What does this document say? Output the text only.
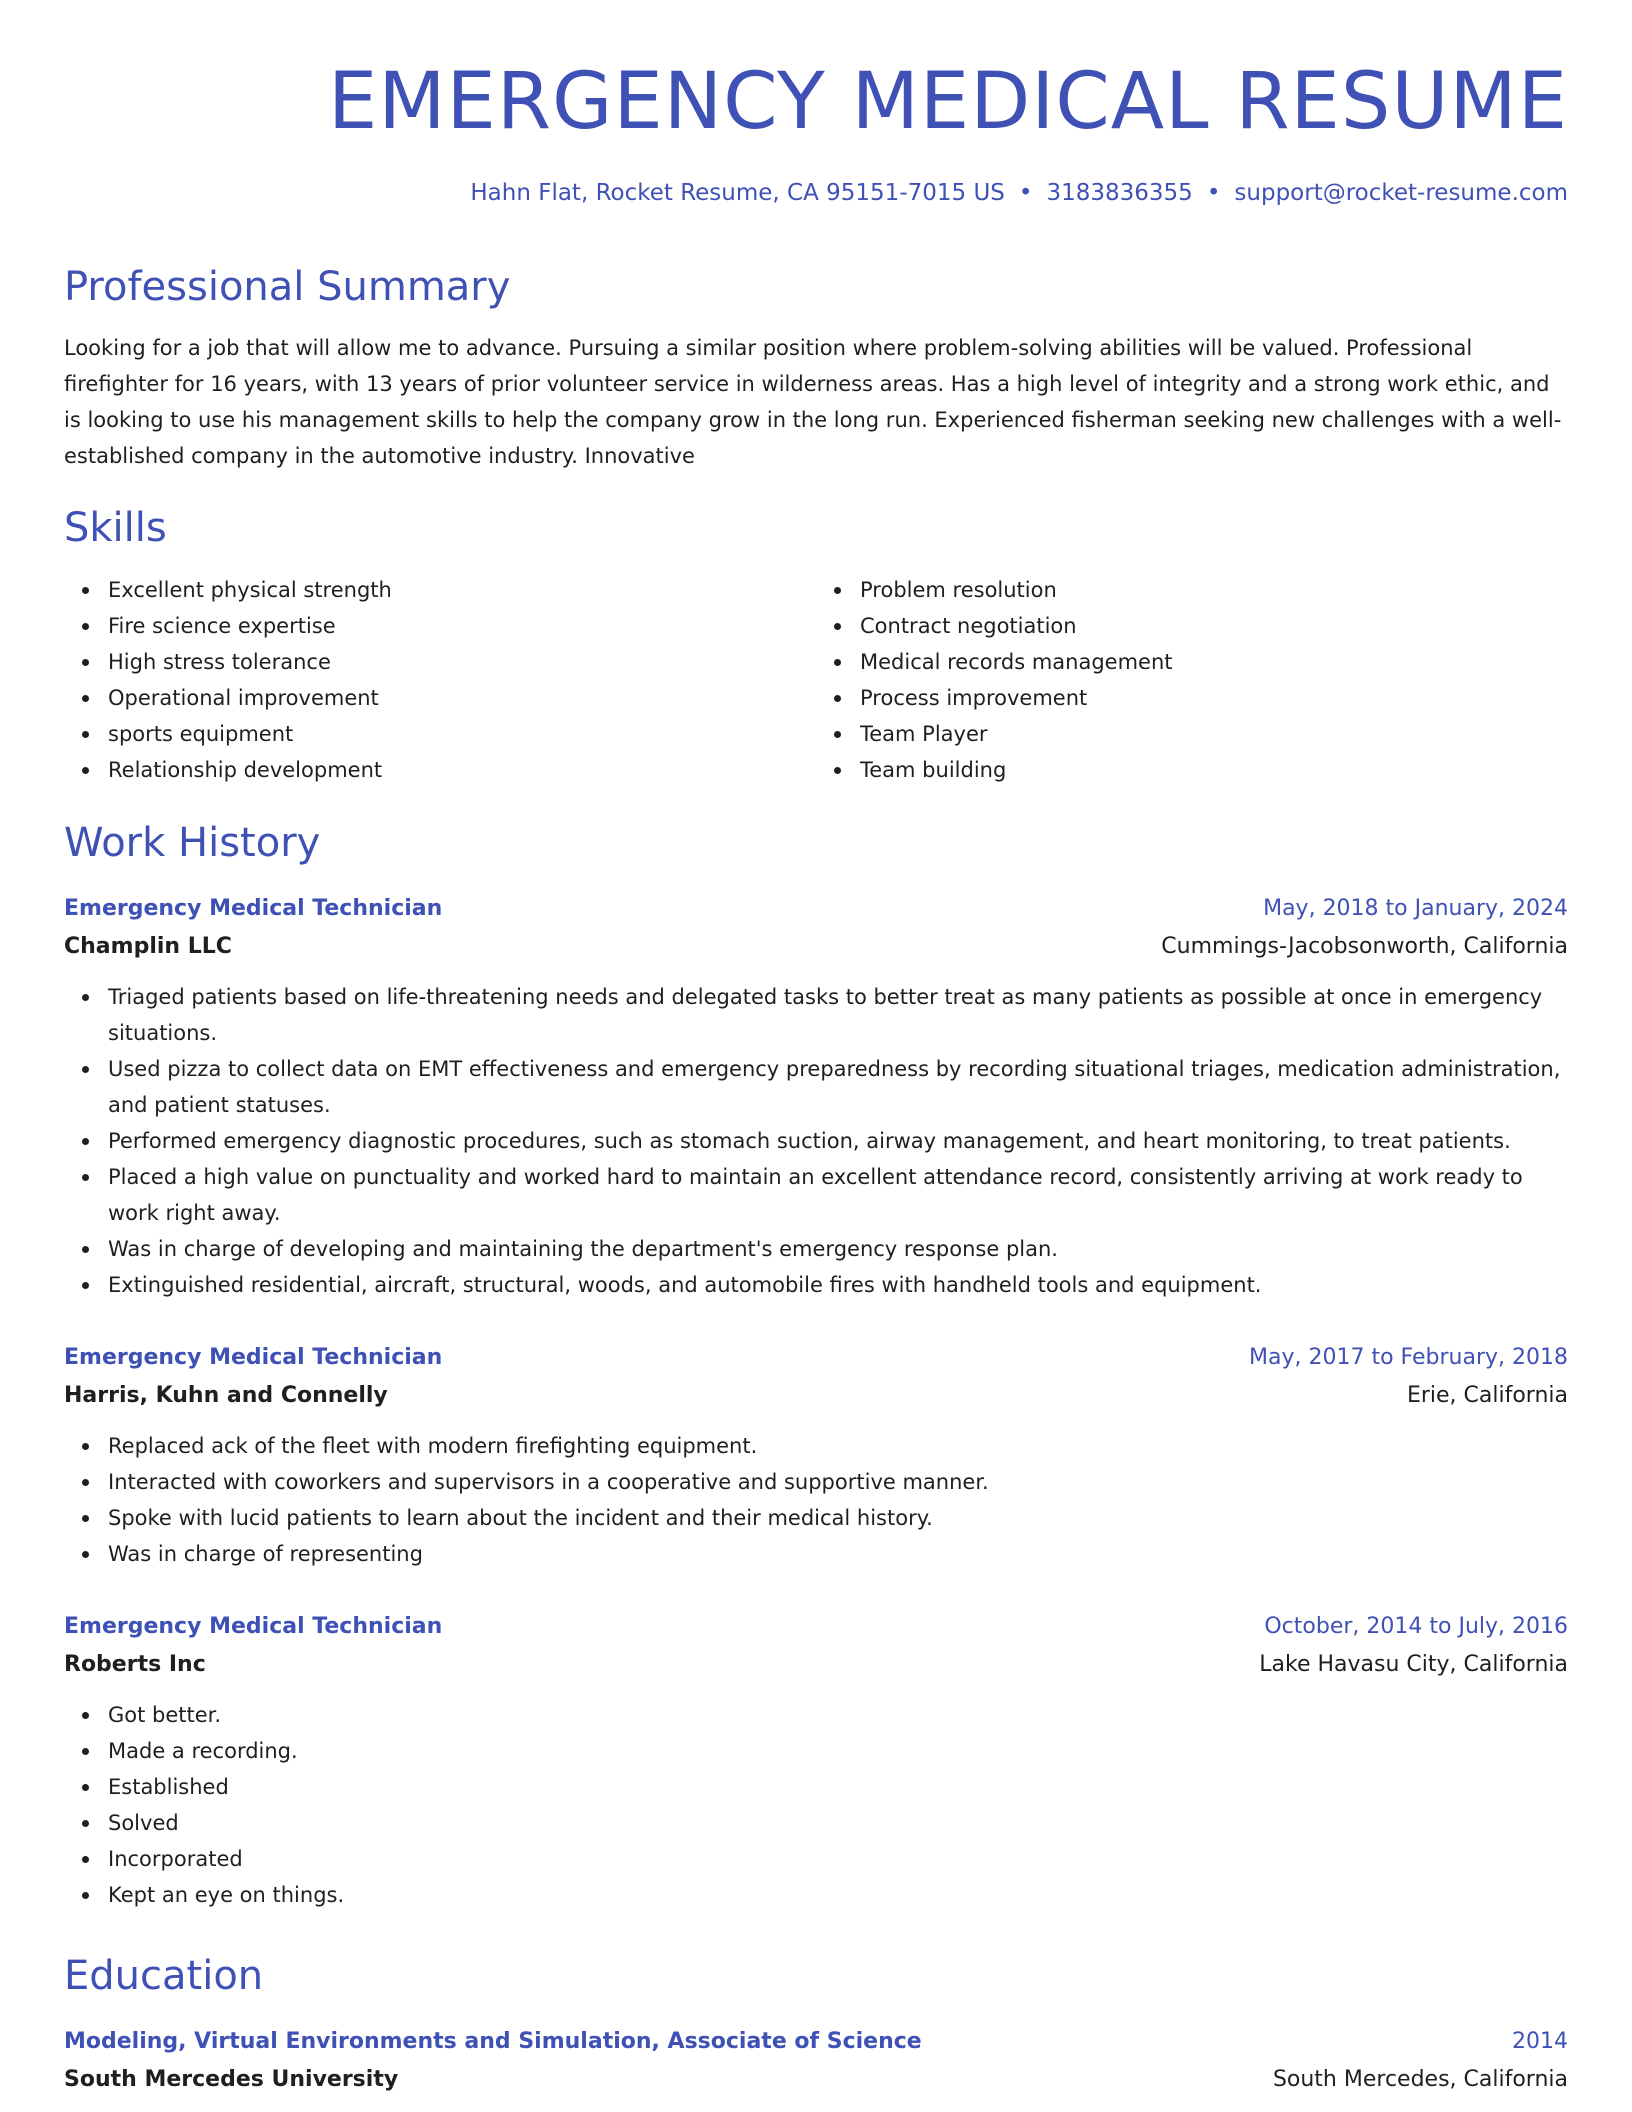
EMERGENCY MEDICAL RESUME
Hahn Flat, Rocket Resume, CA 95151-7015 US • 3183836355 • support@rocket-resume.com
Professional Summary

Looking for a job that will allow me to advance. Pursuing a similar position where problem-solving abilities will be valued. Professional firefighter for 16 years, with 13 years of prior volunteer service in wilderness areas. Has a high level of integrity and a strong work ethic, and is looking to use his management skills to help the company grow in the long run. Experienced fisherman seeking new challenges with a well-established company in the automotive industry. Innovative

Skills
Excellent physical strength
Fire science expertise
High stress tolerance
Operational improvement
sports equipment
Relationship development
Problem resolution
Contract negotiation
Medical records management
Process improvement
Team Player
Team building
Work History
Emergency Medical Technician	May, 2018 to January, 2024
Champlin LLC	Cummings-Jacobsonworth, California
Triaged patients based on life-threatening needs and delegated tasks to better treat as many patients as possible at once in emergency situations.
Used pizza to collect data on EMT effectiveness and emergency preparedness by recording situational triages, medication administration, and patient statuses.
Performed emergency diagnostic procedures, such as stomach suction, airway management, and heart monitoring, to treat patients.
Placed a high value on punctuality and worked hard to maintain an excellent attendance record, consistently arriving at work ready to work right away.
Was in charge of developing and maintaining the department's emergency response plan.
Extinguished residential, aircraft, structural, woods, and automobile fires with handheld tools and equipment.
Emergency Medical Technician	May, 2017 to February, 2018
Harris, Kuhn and Connelly	Erie, California
Replaced ack of the fleet with modern firefighting equipment.
Interacted with coworkers and supervisors in a cooperative and supportive manner.
Spoke with lucid patients to learn about the incident and their medical history.
Was in charge of representing
Emergency Medical Technician	October, 2014 to July, 2016
Roberts Inc	Lake Havasu City, California
Got better.
Made a recording.
Established
Solved
Incorporated
Kept an eye on things.
Education
Modeling, Virtual Environments and Simulation, Associate of Science	2014
South Mercedes University	South Mercedes, California
